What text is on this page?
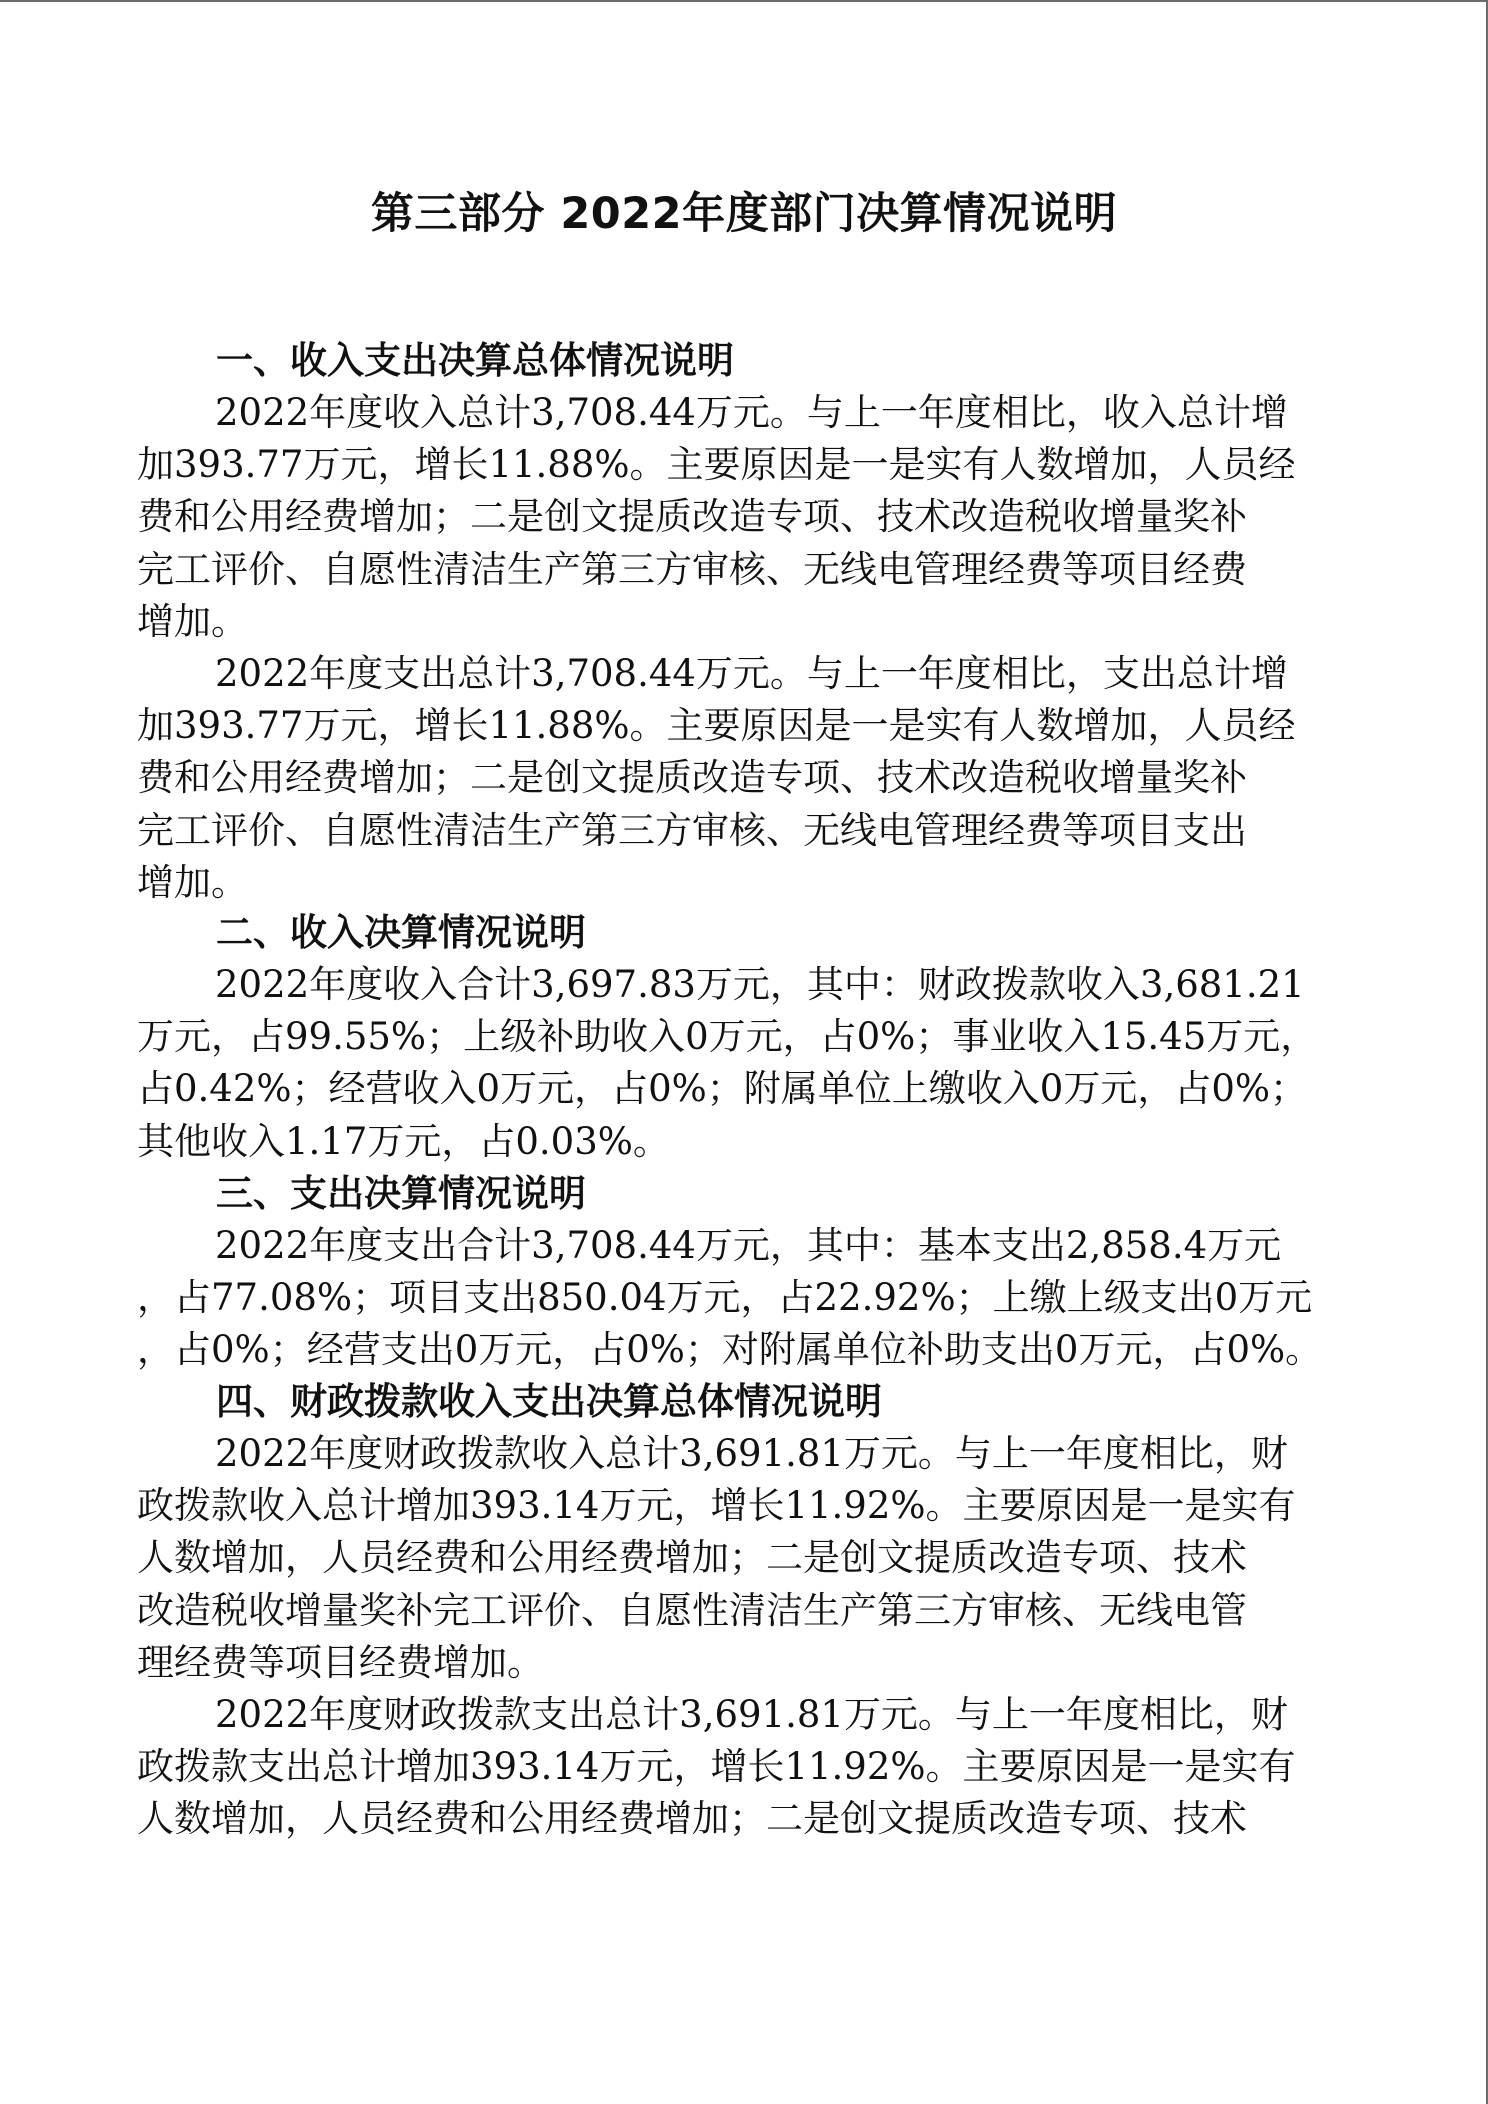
第三部分 2022年度部门决算情况说明
一、收入支出决算总体情况说明
2022年度收入总计3,708.44万元。与上一年度相比，收入总计增
加393.77万元，增长11.88%。主要原因是一是实有人数增加，人员经
费和公用经费增加；二是创文提质改造专项、技术改造税收增量奖补
完工评价、自愿性清洁生产第三方审核、无线电管理经费等项目经费
增加。
2022年度支出总计3,708.44万元。与上一年度相比，支出总计增
加393.77万元，增长11.88%。主要原因是一是实有人数增加，人员经
费和公用经费增加；二是创文提质改造专项、技术改造税收增量奖补
完工评价、自愿性清洁生产第三方审核、无线电管理经费等项目支出
增加。
二、收入决算情况说明
2022年度收入合计3,697.83万元，其中：财政拨款收入3,681.21
万元，占99.55%；上级补助收入0万元，占0%；事业收入15.45万元，
占0.42%；经营收入0万元，占0%；附属单位上缴收入0万元，占0%；
其他收入1.17万元，占0.03%。
三、支出决算情况说明
2022年度支出合计3,708.44万元，其中：基本支出2,858.4万元
，占77.08%；项目支出850.04万元，占22.92%；上缴上级支出0万元
，占0%；经营支出0万元，占0%；对附属单位补助支出0万元，占0%。
四、财政拨款收入支出决算总体情况说明
2022年度财政拨款收入总计3,691.81万元。与上一年度相比，财
政拨款收入总计增加393.14万元，增长11.92%。主要原因是一是实有
人数增加，人员经费和公用经费增加；二是创文提质改造专项、技术
改造税收增量奖补完工评价、自愿性清洁生产第三方审核、无线电管
理经费等项目经费增加。
2022年度财政拨款支出总计3,691.81万元。与上一年度相比，财
政拨款支出总计增加393.14万元，增长11.92%。主要原因是一是实有
人数增加，人员经费和公用经费增加；二是创文提质改造专项、技术
